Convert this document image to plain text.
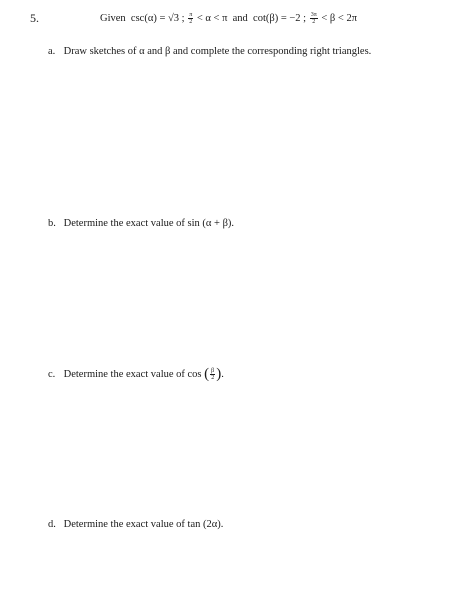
5.	Given csc(α) = √3 ; $\frac{\pi}{2} < \alpha < \pi$ and cot(β) = −2 ; $\frac{3\pi}{2} < \beta < 2\pi$
a. Draw sketches of α and β and complete the corresponding right triangles.
b. Determine the exact value of sin (α + β).
c. Determine the exact value of cos ( $\frac{\beta}{2}$ ).
d. Determine the exact value of tan (2α).
